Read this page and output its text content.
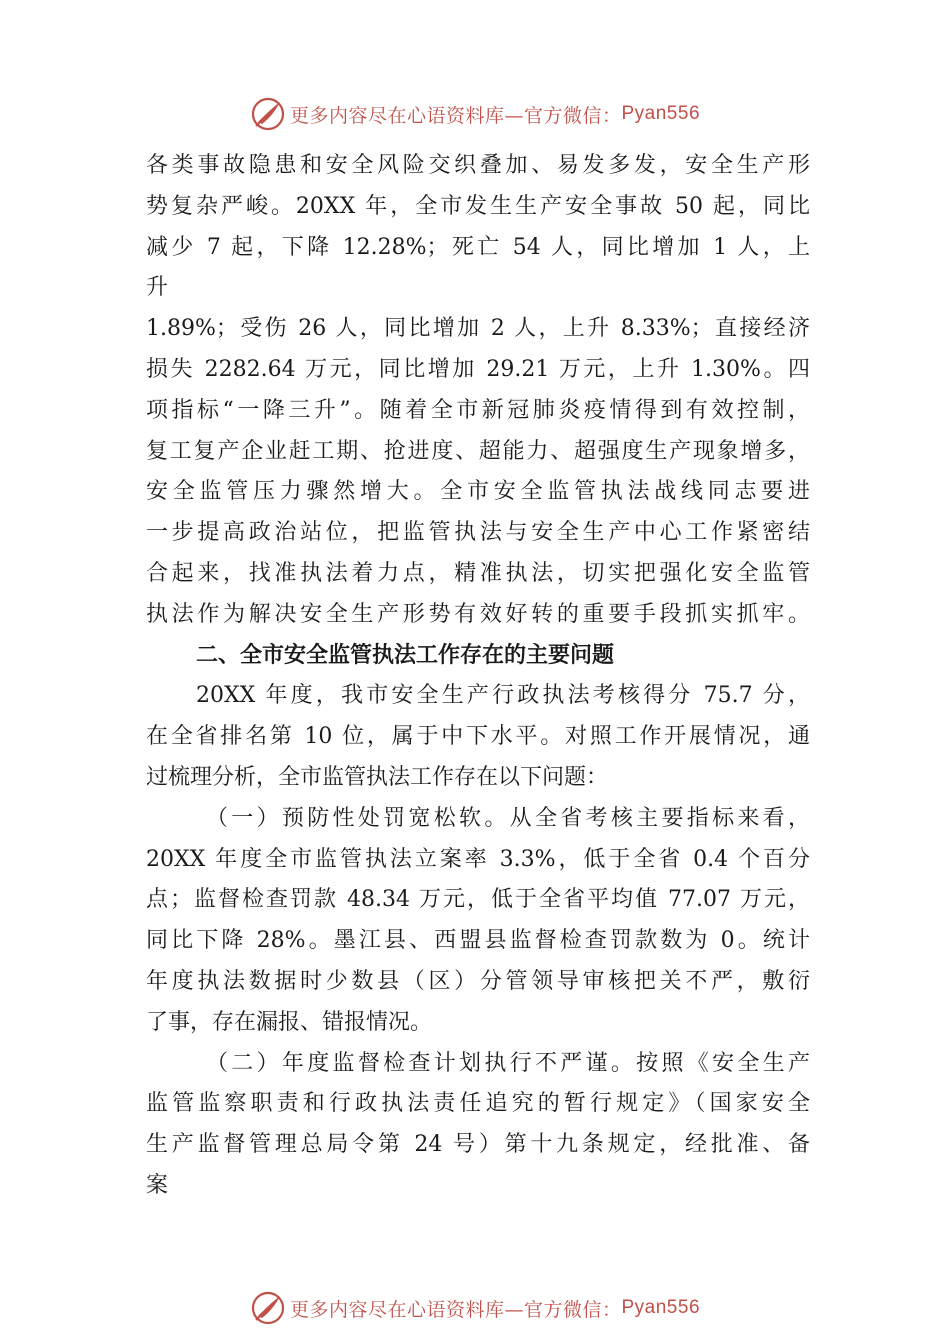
更多内容尽在心语资料库—官方微信： Pyan556
各类事故隐患和安全风险交织叠加、易发多发，安全生产形
势复杂严峻。20XX 年，全市发生生产安全事故 50 起，同比
减少 7 起，下降 12.28%；死亡 54 人，同比增加 1 人，上
升
1.89%；受伤 26 人，同比增加 2 人，上升 8.33%；直接经济
损失 2282.64 万元，同比增加 29.21 万元，上升 1.30%。四
项指标“一降三升”。随着全市新冠肺炎疫情得到有效控制，
复工复产企业赶工期、抢进度、超能力、超强度生产现象增多，
安全监管压力骤然增大。全市安全监管执法战线同志要进
一步提高政治站位，把监管执法与安全生产中心工作紧密结
合起来，找准执法着力点，精准执法，切实把强化安全监管
执法作为解决安全生产形势有效好转的重要手段抓实抓牢。
二、全市安全监管执法工作存在的主要问题
20XX 年度，我市安全生产行政执法考核得分 75.7 分，
在全省排名第 10 位，属于中下水平。对照工作开展情况，通
过梳理分析，全市监管执法工作存在以下问题：
（一）预防性处罚宽松软。从全省考核主要指标来看，
20XX 年度全市监管执法立案率 3.3%，低于全省 0.4 个百分
点；监督检查罚款 48.34 万元，低于全省平均值 77.07 万元，
同比下降 28%。墨江县、西盟县监督检查罚款数为 0。统计
年度执法数据时少数县（区）分管领导审核把关不严，敷衍
了事，存在漏报、错报情况。
（二）年度监督检查计划执行不严谨。按照《安全生产
监管监察职责和行政执法责任追究的暂行规定》（国家安全
生产监督管理总局令第 24 号）第十九条规定，经批准、备
案
更多内容尽在心语资料库—官方微信： Pyan556
